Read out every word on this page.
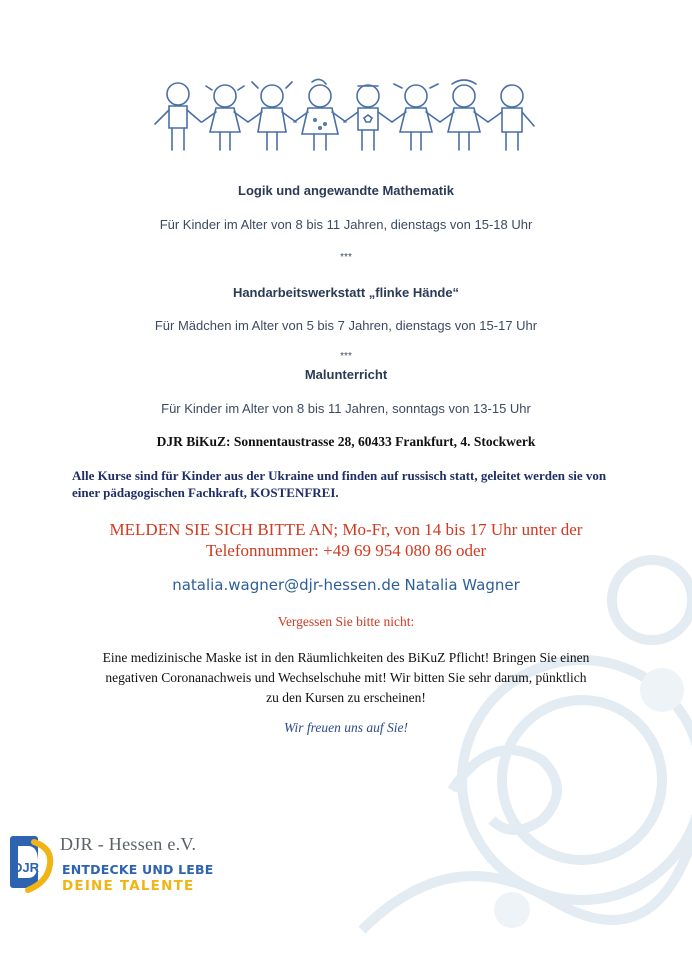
Logik und angewandte Mathematik
Für Kinder im Alter von 8 bis 11 Jahren, dienstags von 15-18 Uhr
***
Handarbeitswerkstatt „flinke Hände“
Für Mädchen im Alter von 5 bis 7 Jahren, dienstags von 15-17 Uhr
***
Malunterricht
Für Kinder im Alter von 8 bis 11 Jahren, sonntags von 13-15 Uhr
DJR BiKuZ: Sonnentaustrasse 28, 60433 Frankfurt, 4. Stockwerk
Alle Kurse sind für Kinder aus der Ukraine und finden auf russisch statt, geleitet werden sie von einer pädagogischen Fachkraft, KOSTENFREI.
MELDEN SIE SICH BITTE AN; Mo-Fr, von 14 bis 17 Uhr unter der
Telefonnummer: +49 69 954 080 86 oder
natalia.wagner@djr-hessen.de Natalia Wagner
Vergessen Sie bitte nicht:
Eine medizinische Maske ist in den Räumlichkeiten des BiKuZ Pflicht! Bringen Sie einen
negativen Coronanachweis und Wechselschuhe mit! Wir bitten Sie sehr darum, pünktlich
zu den Kursen zu erscheinen!
Wir freuen uns auf Sie!
DJR
DJR - Hessen e.V.
ENTDECKE UND LEBE
DEINE TALENTE
